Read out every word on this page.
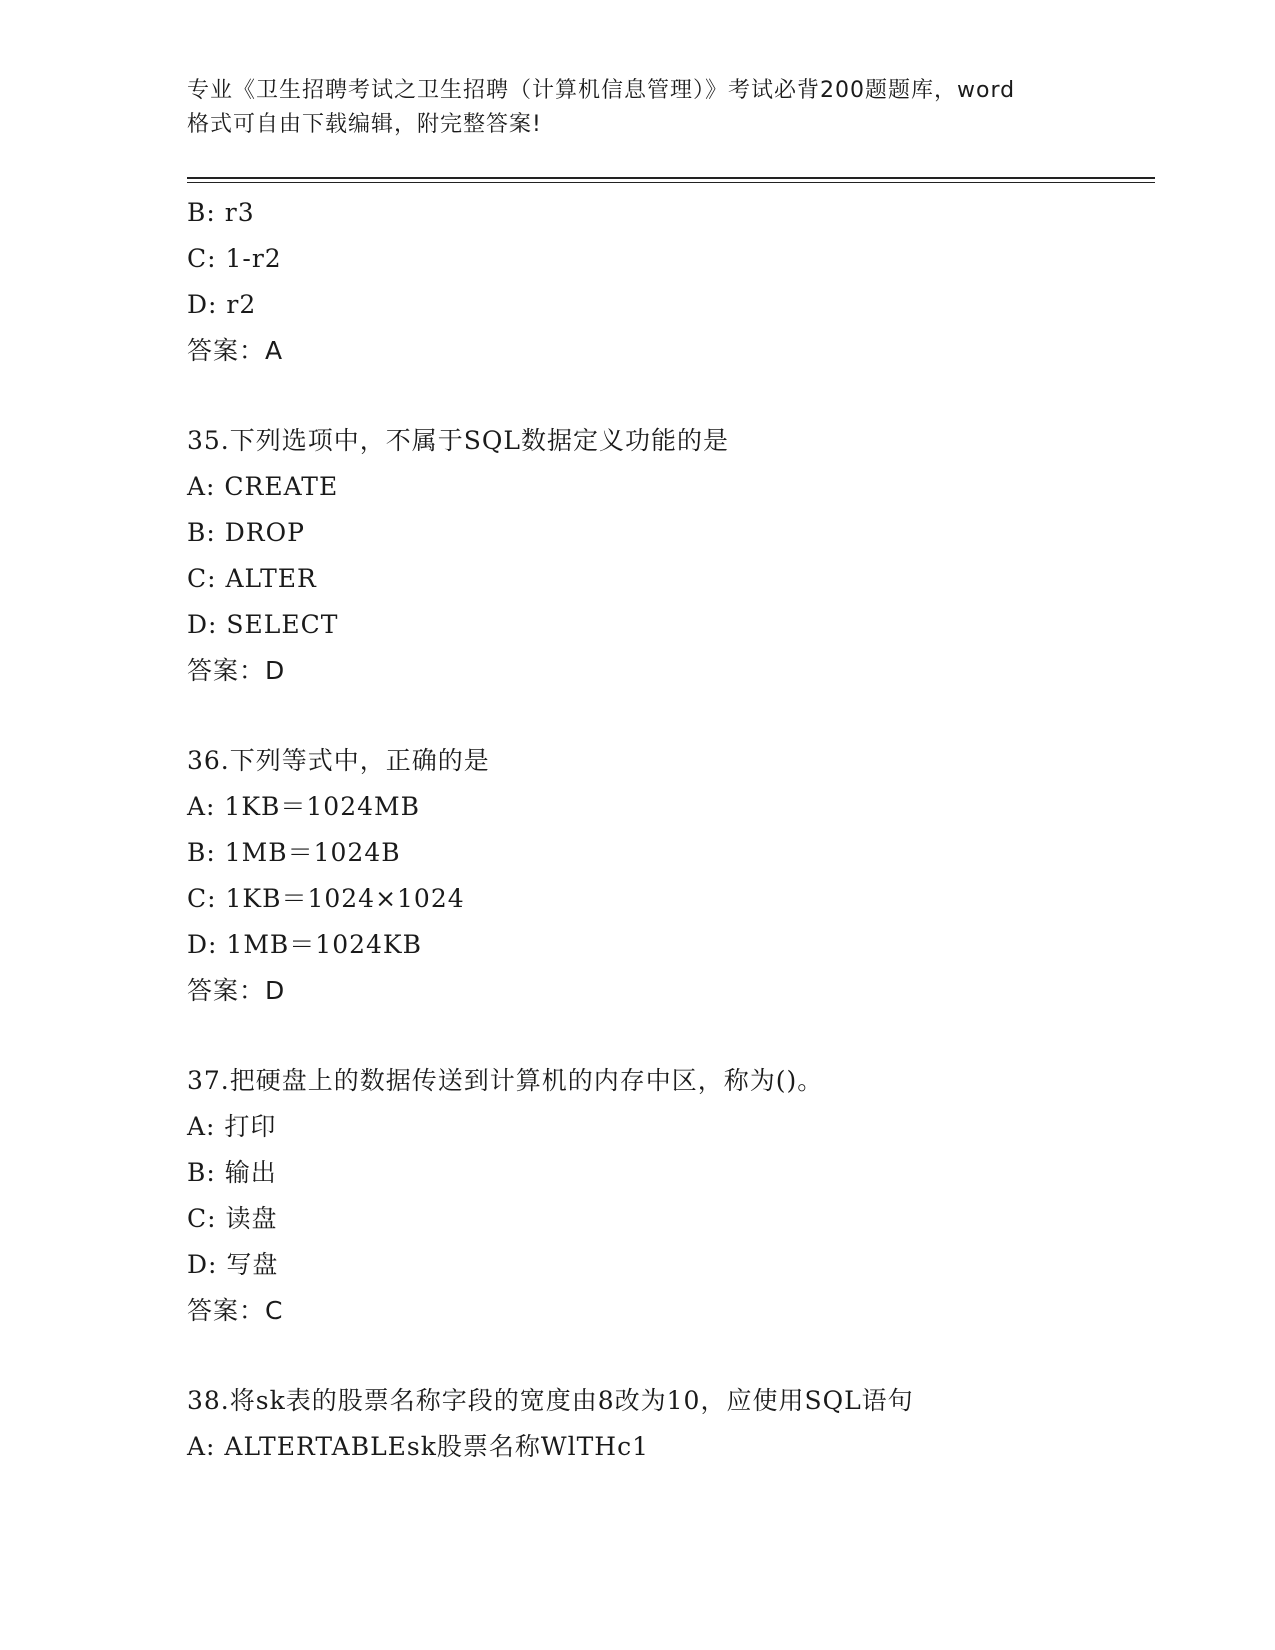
专业《卫生招聘考试之卫生招聘（计算机信息管理）》考试必背200题题库，word
格式可自由下载编辑，附完整答案!
B: r3
C: 1-r2
D: r2
答案：A
35.下列选项中，不属于SQL数据定义功能的是
A: CREATE
B: DROP
C: ALTER
D: SELECT
答案：D
36.下列等式中，正确的是
A: 1KB＝1024MB
B: 1MB＝1024B
C: 1KB＝1024×1024
D: 1MB＝1024KB
答案：D
37.把硬盘上的数据传送到计算机的内存中区，称为()。
A: 打印
B: 输出
C: 读盘
D: 写盘
答案：C
38.将sk表的股票名称字段的宽度由8改为10，应使用SQL语句
A: ALTERTABLEsk股票名称WlTHc1
